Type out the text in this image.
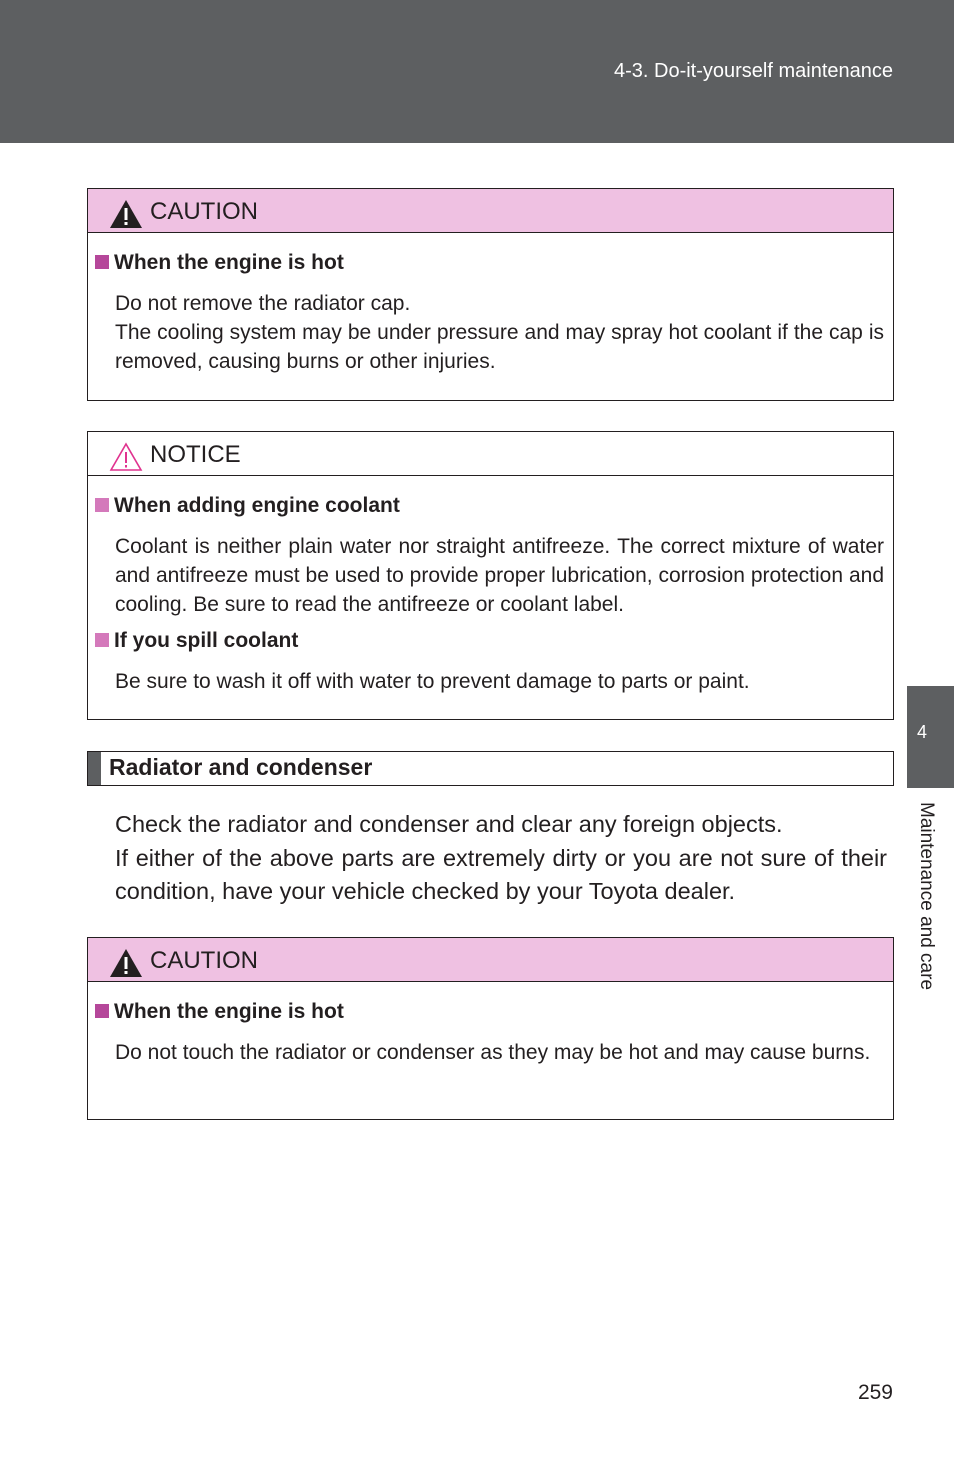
4-3. Do-it-yourself maintenance
CAUTION
When the engine is hot
Do not remove the radiator cap.
The cooling system may be under pressure and may spray hot coolant if the cap is removed, causing burns or other injuries.
NOTICE
When adding engine coolant
Coolant is neither plain water nor straight antifreeze. The correct mixture of water and antifreeze must be used to provide proper lubrication, corrosion protection and cooling. Be sure to read the antifreeze or coolant label.
If you spill coolant
Be sure to wash it off with water to prevent damage to parts or paint.
Radiator and condenser
Check the radiator and condenser and clear any foreign objects.
If either of the above parts are extremely dirty or you are not sure of their condition, have your vehicle checked by your Toyota dealer.
CAUTION
When the engine is hot
Do not touch the radiator or condenser as they may be hot and may cause burns.
4
Maintenance and care
259
